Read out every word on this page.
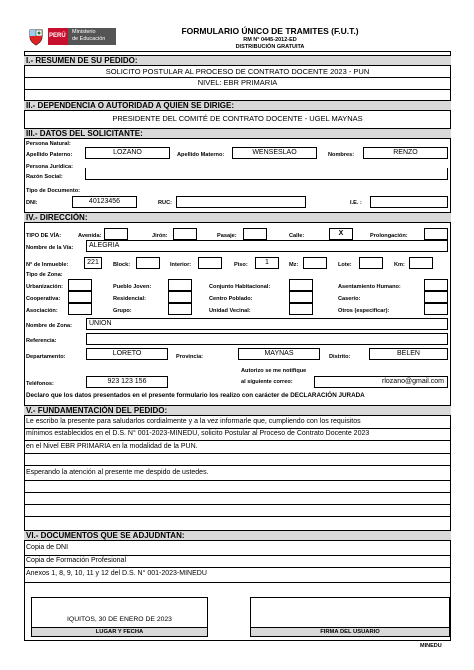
PERÚ
Ministerio
de Educación
FORMULARIO ÚNICO DE TRAMITES (F.U.T.)
RM N° 0445-2012-ED
DISTRIBUCIÓN GRATUITA
I.- RESUMEN DE SU PEDIDO:
SOLICITO POSTULAR AL PROCESO DE CONTRATO DOCENTE 2023 - PUN
NIVEL: EBR PRIMARIA
II.- DEPENDENCIA O AUTORIDAD A QUIEN SE DIRIGE:
PRESIDENTE DEL COMITÉ DE CONTRATO DOCENTE - UGEL MAYNAS
III.- DATOS DEL SOLICITANTE:
Persona Natural:
Apellido Paterno:	LOZANO	Apellido Materno:	WENSESLAO	Nombres:	RENZO
Persona Jurídica:
Razón Social:
Tipo de Documento:
DNI:	40123456	RUC:	I.E. :
IV.- DIRECCIÓN:
TIPO DE VÍA:	Avenida:	Jirón:	Pasaje:	Calle:	X	Prolongación:
Nombre de la Vía:	ALEGRIA
N° de Inmueble:	221	Block:	Interior:	Piso:	1	Mz:	Lote:	Km:
Tipo de Zona:
Urbanización:	Pueblo Joven:	Conjunto Habitacional:	Asentamiento Humano:
Cooperativa:	Residencial:	Centro Poblado:	Caserío:
Asociación:	Grupo:	Unidad Vecinal:	Otros (especificar):
Nombre de Zona:	UNION
Referencia:
Departamento:	LORETO	Provincia:	MAYNAS	Distrito:	BELEN
Autorizo se me notifique
al siguiente correo:
Teléfonos:	923 123 156	rlozano@gmail.com
Declaro que los datos presentados en el presente formulario los realizo con carácter de DECLARACIÓN JURADA
V.- FUNDAMENTACIÓN DEL PEDIDO:
Le escribo la presente para saludarlos cordialmente y a la vez informarle que, cumpliendo con los requisitos
mínimos establecidos en el D.S. N° 001-2023-MINEDU, solicito Postular al Proceso de Contrato Docente 2023
en el Nivel EBR PRIMARIA en la modalidad de la PUN.
Esperando la atención al presente me despido de ustedes.
VI.- DOCUMENTOS QUE SE ADJUDNTAN:
Copia de DNI
Copia de Formación Profesional
Anexos 1, 8, 9, 10, 11 y 12 del D.S. N° 001-2023-MINEDU
IQUITOS, 30 DE ENERO DE 2023
LUGAR Y FECHA	FIRMA DEL USUARIO
MINEDU
